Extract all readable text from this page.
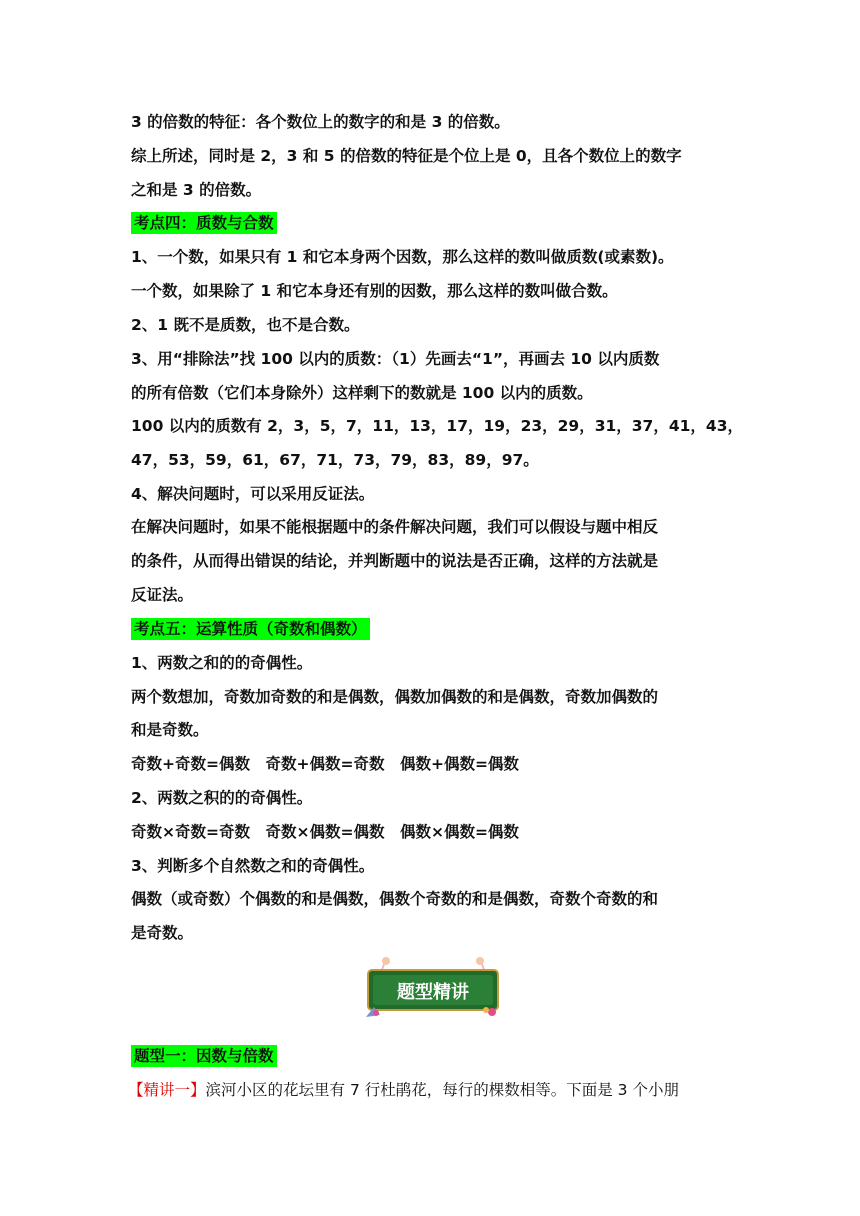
3 的倍数的特征：各个数位上的数字的和是 3 的倍数。

综上所述，同时是 2，3 和 5 的倍数的特征是个位上是 0，且各个数位上的数字

之和是 3 的倍数。

考点四：质数与合数

1、一个数，如果只有 1 和它本身两个因数，那么这样的数叫做质数(或素数)。

一个数，如果除了 1 和它本身还有别的因数，那么这样的数叫做合数。

2、1 既不是质数，也不是合数。

3、用“排除法”找 100 以内的质数：（1）先画去“1”，再画去 10 以内质数

的所有倍数（它们本身除外）这样剩下的数就是 100 以内的质数。

100 以内的质数有 2，3，5，7，11，13，17，19，23，29，31，37，41，43，

47，53，59，61，67，71，73，79，83，89，97。

4、解决问题时，可以采用反证法。

在解决问题时，如果不能根据题中的条件解决问题，我们可以假设与题中相反

的条件，从而得出错误的结论，并判断题中的说法是否正确，这样的方法就是

反证法。

考点五：运算性质（奇数和偶数）

1、两数之和的的奇偶性。

两个数想加，奇数加奇数的和是偶数，偶数加偶数的和是偶数，奇数加偶数的

和是奇数。

奇数+奇数=偶数　奇数+偶数=奇数　偶数+偶数=偶数

2、两数之积的的奇偶性。

奇数×奇数=奇数　奇数×偶数=偶数　偶数×偶数=偶数

3、判断多个自然数之和的奇偶性。

偶数（或奇数）个偶数的和是偶数，偶数个奇数的和是偶数，奇数个奇数的和

是奇数。

题型精讲

题型一：因数与倍数

【精讲一】滨河小区的花坛里有 7 行杜鹃花，每行的棵数相等。下面是 3 个小朋
